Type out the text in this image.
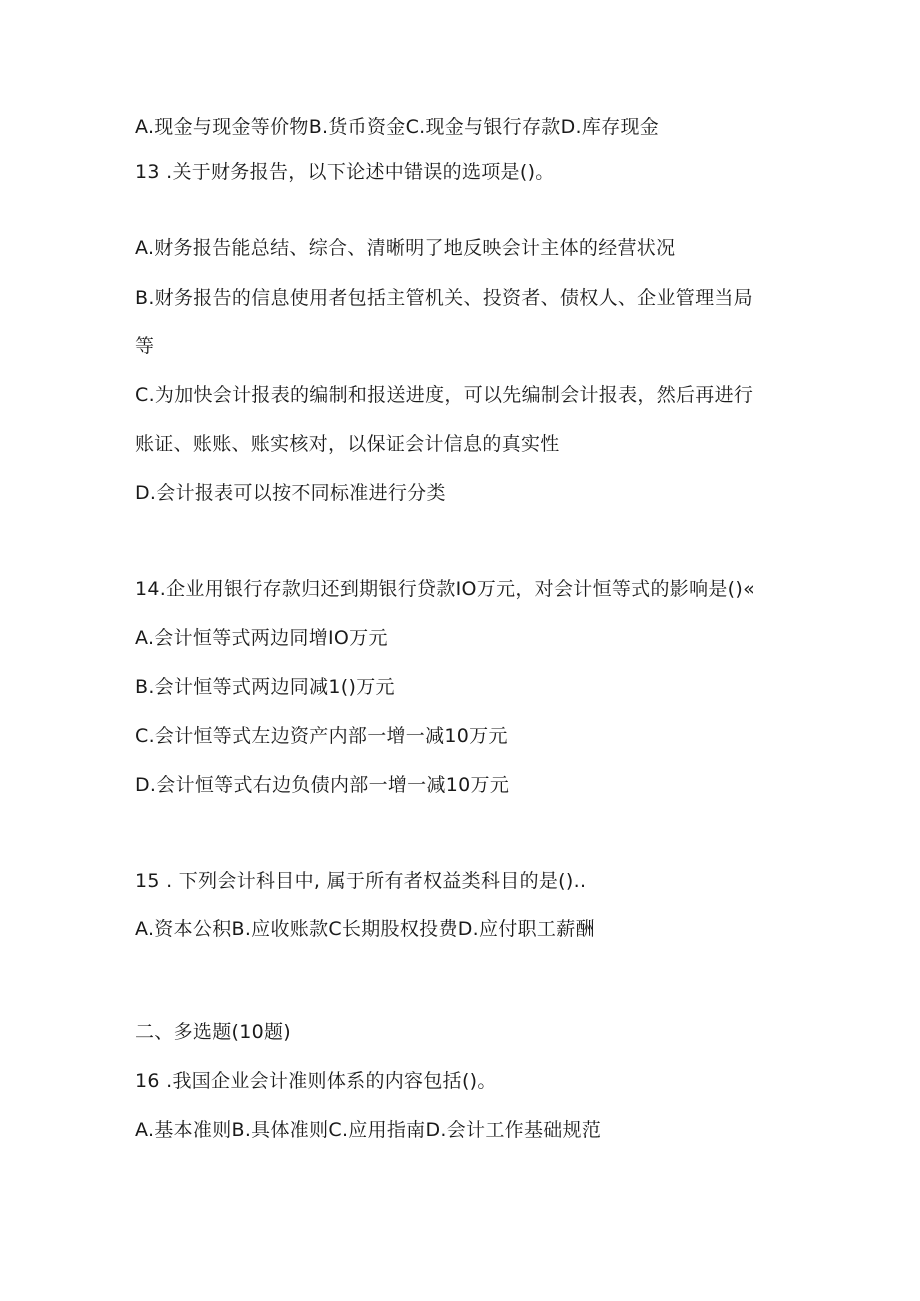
A.现金与现金等价物B.货币资金C.现金与银行存款D.库存现金
13 .关于财务报告，以下论述中错误的选项是()。
A.财务报告能总结、综合、清晰明了地反映会计主体的经营状况
B.财务报告的信息使用者包括主管机关、投资者、债权人、企业管理当局
等
C.为加快会计报表的编制和报送进度，可以先编制会计报表，然后再进行
账证、账账、账实核对，以保证会计信息的真实性
D.会计报表可以按不同标准进行分类
14.企业用银行存款归还到期银行贷款IO万元，对会计恒等式的影响是()«
A.会计恒等式两边同增IO万元
B.会计恒等式两边同减1()万元
C.会计恒等式左边资产内部一增一减10万元
D.会计恒等式右边负债内部一增一减10万元
15 . 下列会计科目中, 属于所有者权益类科目的是()..
A.资本公积B.应收账款C长期股权投费D.应付职工薪酬
二、多选题(10题)
16 .我国企业会计准则体系的内容包括()。
A.基本准则B.具体准则C.应用指南D.会计工作基础规范
